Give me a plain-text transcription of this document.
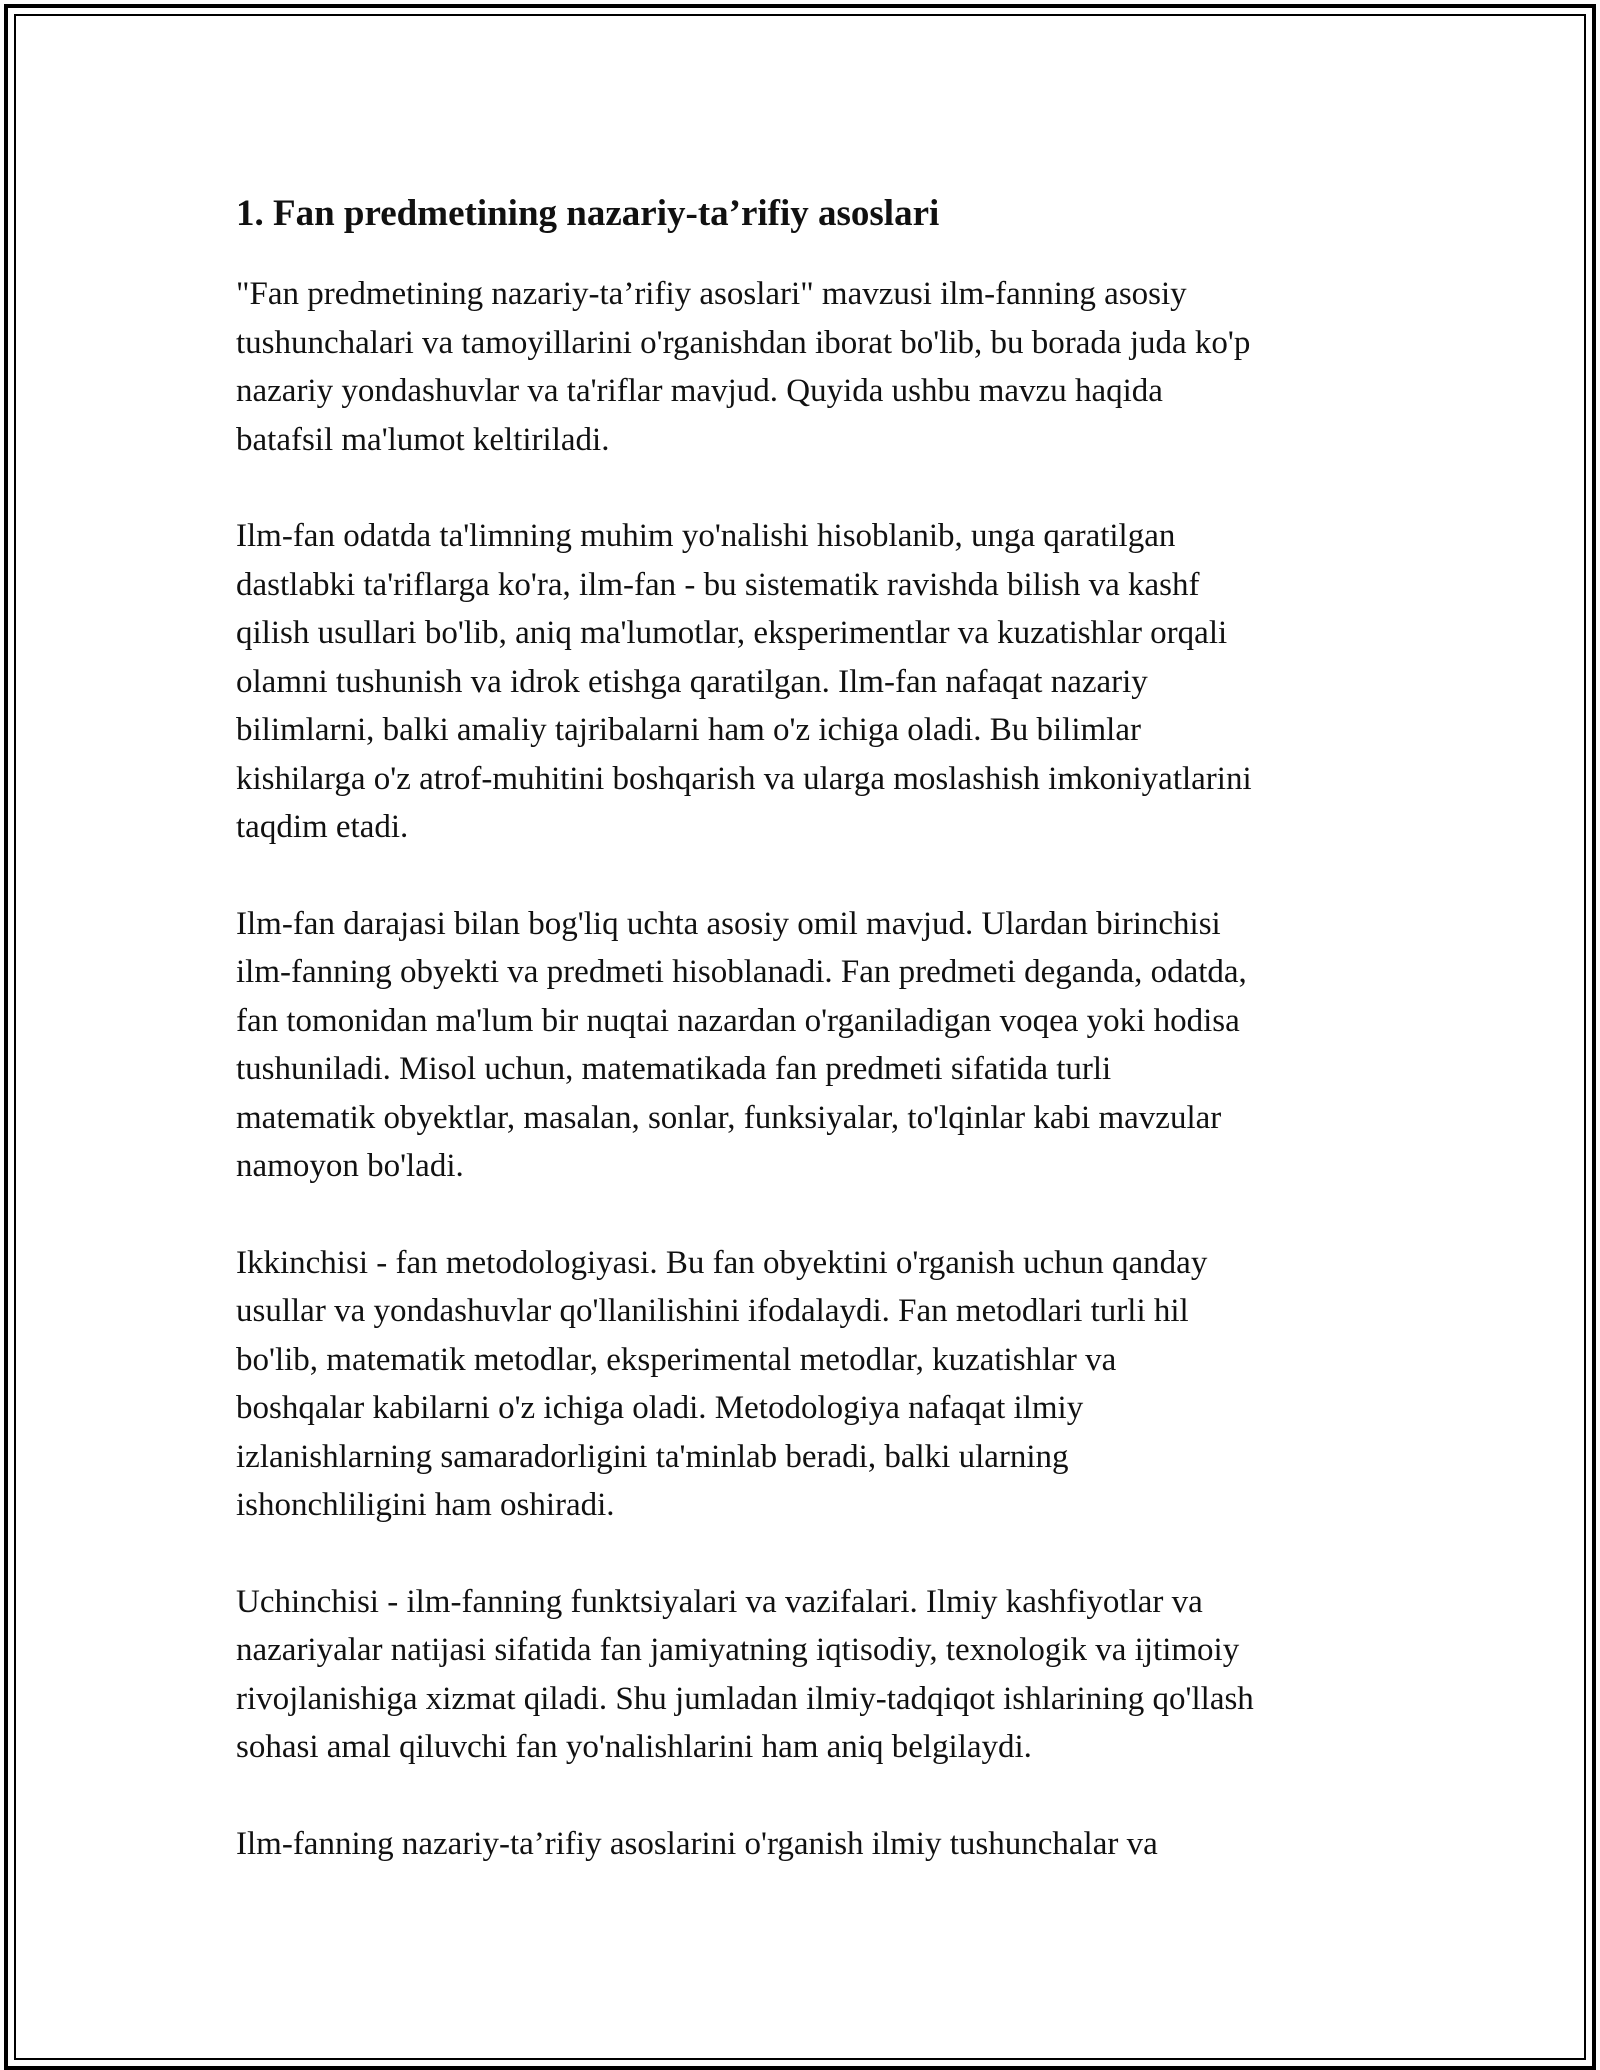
1. Fan predmetining nazariy-ta’rifiy asoslari

"Fan predmetining nazariy-ta’rifiy asoslari" mavzusi ilm-fanning asosiy
tushunchalari va tamoyillarini o'rganishdan iborat bo'lib, bu borada juda ko'p
nazariy yondashuvlar va ta'riflar mavjud. Quyida ushbu mavzu haqida
batafsil ma'lumot keltiriladi.

Ilm-fan odatda ta'limning muhim yo'nalishi hisoblanib, unga qaratilgan
dastlabki ta'riflarga ko'ra, ilm-fan - bu sistematik ravishda bilish va kashf
qilish usullari bo'lib, aniq ma'lumotlar, eksperimentlar va kuzatishlar orqali
olamni tushunish va idrok etishga qaratilgan. Ilm-fan nafaqat nazariy
bilimlarni, balki amaliy tajribalarni ham o'z ichiga oladi. Bu bilimlar
kishilarga o'z atrof-muhitini boshqarish va ularga moslashish imkoniyatlarini
taqdim etadi.

Ilm-fan darajasi bilan bog'liq uchta asosiy omil mavjud. Ulardan birinchisi
ilm-fanning obyekti va predmeti hisoblanadi. Fan predmeti deganda, odatda,
fan tomonidan ma'lum bir nuqtai nazardan o'rganiladigan voqea yoki hodisa
tushuniladi. Misol uchun, matematikada fan predmeti sifatida turli
matematik obyektlar, masalan, sonlar, funksiyalar, to'lqinlar kabi mavzular
namoyon bo'ladi.

Ikkinchisi - fan metodologiyasi. Bu fan obyektini o'rganish uchun qanday
usullar va yondashuvlar qo'llanilishini ifodalaydi. Fan metodlari turli hil
bo'lib, matematik metodlar, eksperimental metodlar, kuzatishlar va
boshqalar kabilarni o'z ichiga oladi. Metodologiya nafaqat ilmiy
izlanishlarning samaradorligini ta'minlab beradi, balki ularning
ishonchliligini ham oshiradi.

Uchinchisi - ilm-fanning funktsiyalari va vazifalari. Ilmiy kashfiyotlar va
nazariyalar natijasi sifatida fan jamiyatning iqtisodiy, texnologik va ijtimoiy
rivojlanishiga xizmat qiladi. Shu jumladan ilmiy-tadqiqot ishlarining qo'llash
sohasi amal qiluvchi fan yo'nalishlarini ham aniq belgilaydi.

Ilm-fanning nazariy-ta’rifiy asoslarini o'rganish ilmiy tushunchalar va
